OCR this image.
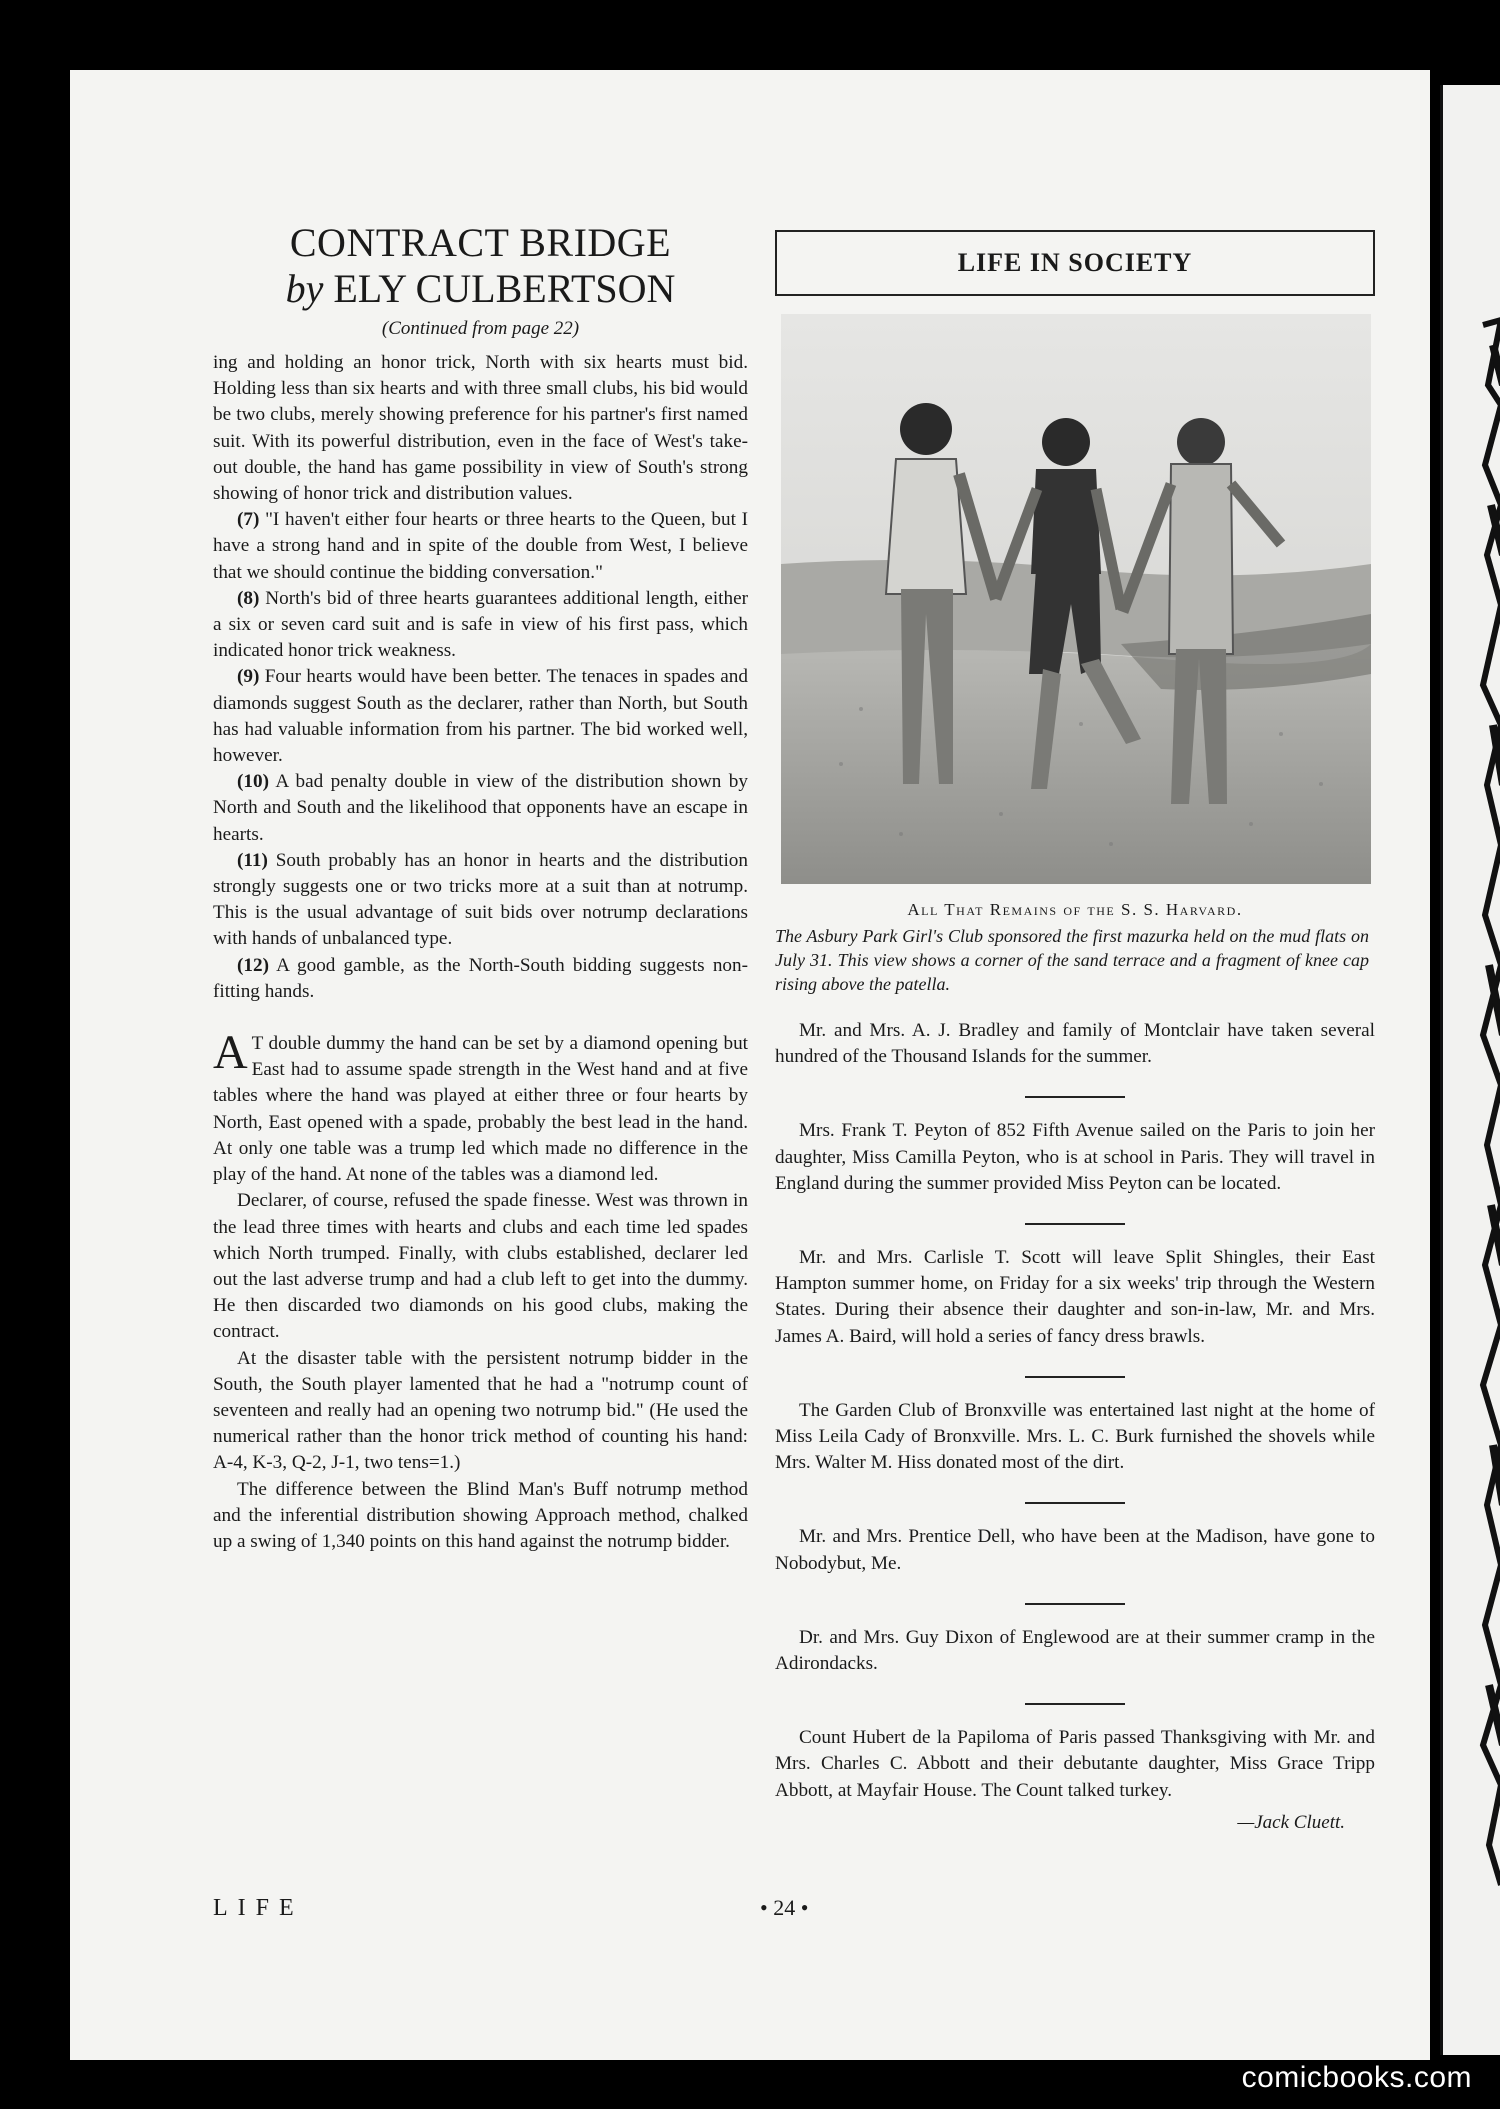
CONTRACT BRIDGE
by ELY CULBERTSON
(Continued from page 22)

ing and holding an honor trick, North with six hearts must bid. Holding less than six hearts and with three small clubs, his bid would be two clubs, merely showing preference for his partner's first named suit. With its powerful distribution, even in the face of West's take-out double, the hand has game possibility in view of South's strong showing of honor trick and distribution values.

(7) "I haven't either four hearts or three hearts to the Queen, but I have a strong hand and in spite of the double from West, I believe that we should continue the bidding conversation."

(8) North's bid of three hearts guarantees additional length, either a six or seven card suit and is safe in view of his first pass, which indicated honor trick weakness.

(9) Four hearts would have been better. The tenaces in spades and diamonds suggest South as the declarer, rather than North, but South has had valuable information from his partner. The bid worked well, however.

(10) A bad penalty double in view of the distribution shown by North and South and the likelihood that opponents have an escape in hearts.

(11) South probably has an honor in hearts and the distribution strongly suggests one or two tricks more at a suit than at notrump. This is the usual advantage of suit bids over notrump declarations with hands of unbalanced type.

(12) A good gamble, as the North-South bidding suggests non-fitting hands.

A T double dummy the hand can be set by a diamond opening but East had to assume spade strength in the West hand and at five tables where the hand was played at either three or four hearts by North, East opened with a spade, probably the best lead in the hand. At only one table was a trump led which made no difference in the play of the hand. At none of the tables was a diamond led.

Declarer, of course, refused the spade finesse. West was thrown in the lead three times with hearts and clubs and each time led spades which North trumped. Finally, with clubs established, declarer led out the last adverse trump and had a club left to get into the dummy. He then discarded two diamonds on his good clubs, making the contract.

At the disaster table with the persistent notrump bidder in the South, the South player lamented that he had a "notrump count of seventeen and really had an opening two notrump bid." (He used the numerical rather than the honor trick method of counting his hand: A-4, K-3, Q-2, J-1, two tens=1.)

The difference between the Blind Man's Buff notrump method and the inferential distribution showing Approach method, chalked up a swing of 1,340 points on this hand against the notrump bidder.

LIFE IN SOCIETY
All That Remains of the S. S. Harvard.

The Asbury Park Girl's Club sponsored the first mazurka held on the mud flats on July 31. This view shows a corner of the sand terrace and a fragment of knee cap rising above the patella.

Mr. and Mrs. A. J. Bradley and family of Montclair have taken several hundred of the Thousand Islands for the summer.

Mrs. Frank T. Peyton of 852 Fifth Avenue sailed on the Paris to join her daughter, Miss Camilla Peyton, who is at school in Paris. They will travel in England during the summer provided Miss Peyton can be located.

Mr. and Mrs. Carlisle T. Scott will leave Split Shingles, their East Hampton summer home, on Friday for a six weeks' trip through the Western States. During their absence their daughter and son-in-law, Mr. and Mrs. James A. Baird, will hold a series of fancy dress brawls.

The Garden Club of Bronxville was entertained last night at the home of Miss Leila Cady of Bronxville. Mrs. L. C. Burk furnished the shovels while Mrs. Walter M. Hiss donated most of the dirt.

Mr. and Mrs. Prentice Dell, who have been at the Madison, have gone to Nobodybut, Me.

Dr. and Mrs. Guy Dixon of Englewood are at their summer cramp in the Adirondacks.

Count Hubert de la Papiloma of Paris passed Thanksgiving with Mr. and Mrs. Charles C. Abbott and their debutante daughter, Miss Grace Tripp Abbott, at Mayfair House. The Count talked turkey.

—Jack Cluett.
LIFE	• 24 •
comicbooks.com
